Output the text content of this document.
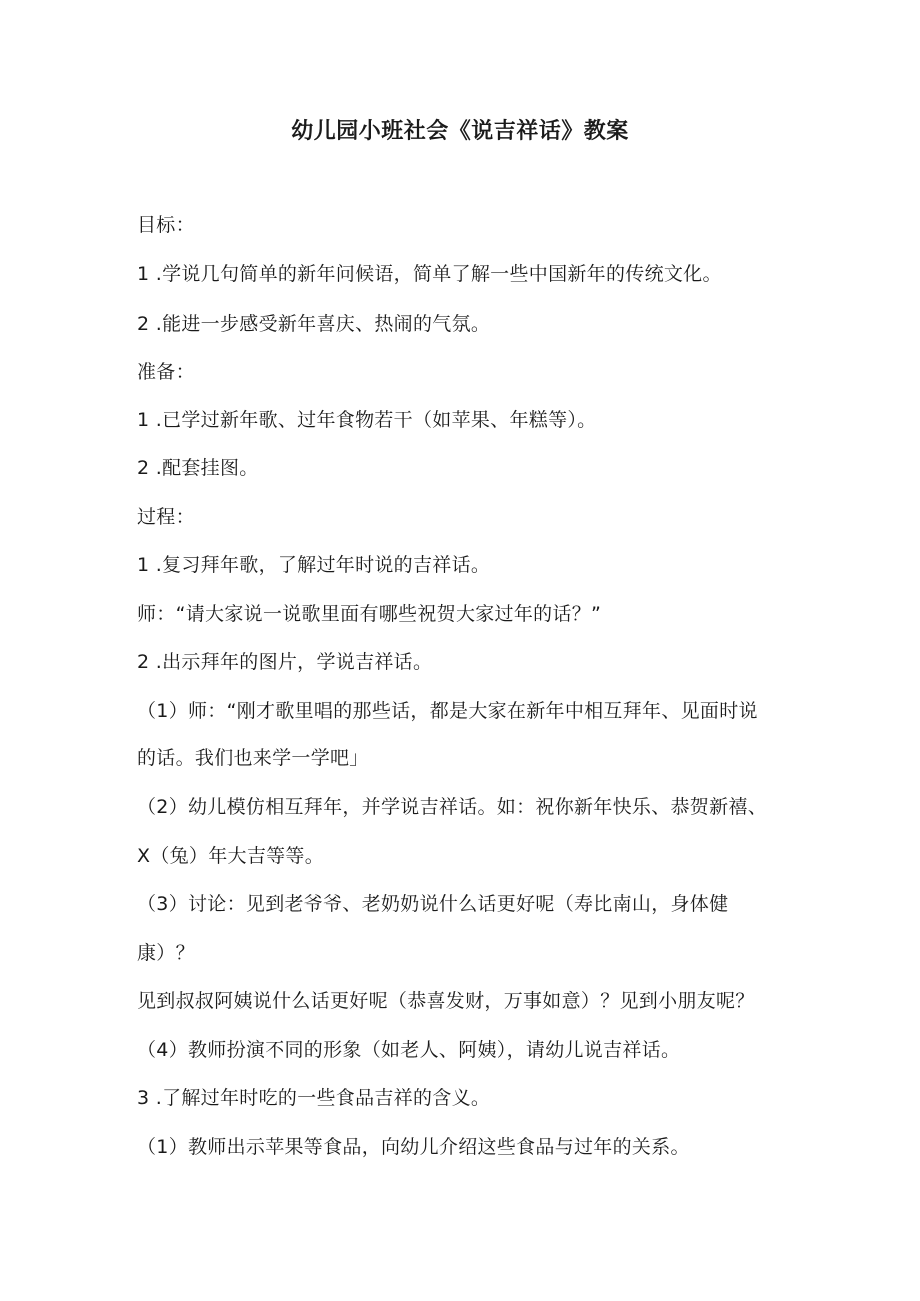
幼儿园小班社会《说吉祥话》教案
目标：
1 .学说几句简单的新年问候语，简单了解一些中国新年的传统文化。
2 .能进一步感受新年喜庆、热闹的气氛。
准备：
1 .已学过新年歌、过年食物若干（如苹果、年糕等）。
2 .配套挂图。
过程：
1 .复习拜年歌，了解过年时说的吉祥话。
师：“请大家说一说歌里面有哪些祝贺大家过年的话？”
2 .出示拜年的图片，学说吉祥话。
（1）师：“刚才歌里唱的那些话，都是大家在新年中相互拜年、见面时说
的话。我们也来学一学吧」
（2）幼儿模仿相互拜年，并学说吉祥话。如：祝你新年快乐、恭贺新禧、
X（兔）年大吉等等。
（3）讨论：见到老爷爷、老奶奶说什么话更好呢（寿比南山，身体健
康）？
见到叔叔阿姨说什么话更好呢（恭喜发财，万事如意）？见到小朋友呢？
（4）教师扮演不同的形象（如老人、阿姨），请幼儿说吉祥话。
3 .了解过年时吃的一些食品吉祥的含义。
（1）教师出示苹果等食品，向幼儿介绍这些食品与过年的关系。
